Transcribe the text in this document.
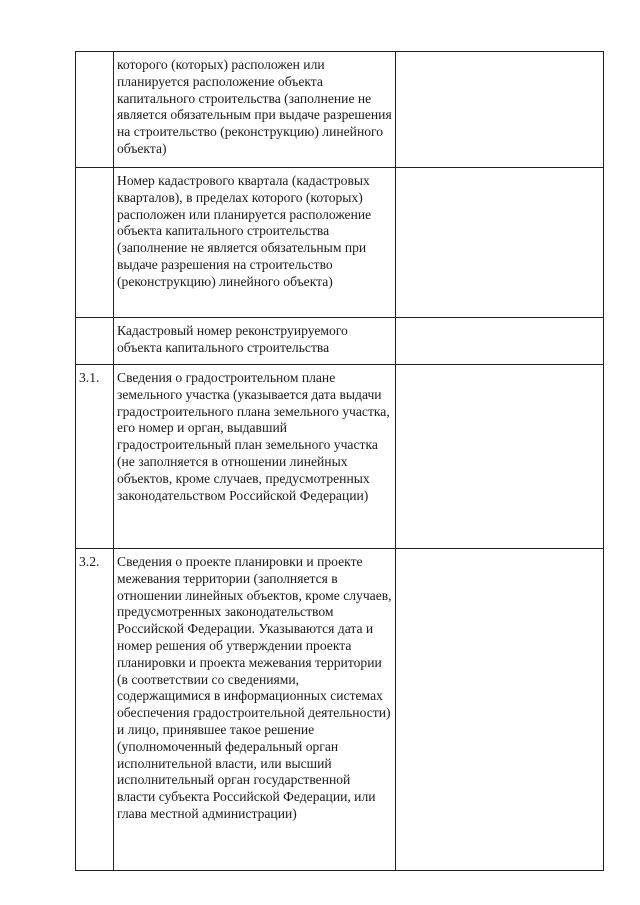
	которого (которых) расположен или планируется расположение объекта капитального строительства (заполнение не является обязательным при выдаче разрешения на строительство (реконструкцию) линейного объекта)	

	Номер кадастрового квартала (кадастровых кварталов), в пределах которого (которых) расположен или планируется расположение объекта капитального строительства (заполнение не является обязательным при выдаче разрешения на строительство (реконструкцию) линейного объекта)	

	Кадастровый номер реконструируемого объекта капитального строительства	

3.1.	Сведения о градостроительном плане земельного участка (указывается дата выдачи градостроительного плана земельного участка, его номер и орган, выдавший градостроительный план земельного участка (не заполняется в отношении линейных объектов, кроме случаев, предусмотренных законодательством Российской Федерации)	

3.2.	Сведения о проекте планировки и проекте межевания территории (заполняется в отношении линейных объектов, кроме случаев, предусмотренных законодательством Российской Федерации. Указываются дата и номер решения об утверждении проекта планировки и проекта межевания территории (в соответствии со сведениями, содержащимися в информационных системах обеспечения градостроительной деятельности) и лицо, принявшее такое решение (уполномоченный федеральный орган исполнительной власти, или высший исполнительный орган государственной власти субъекта Российской Федерации, или глава местной администрации)	
